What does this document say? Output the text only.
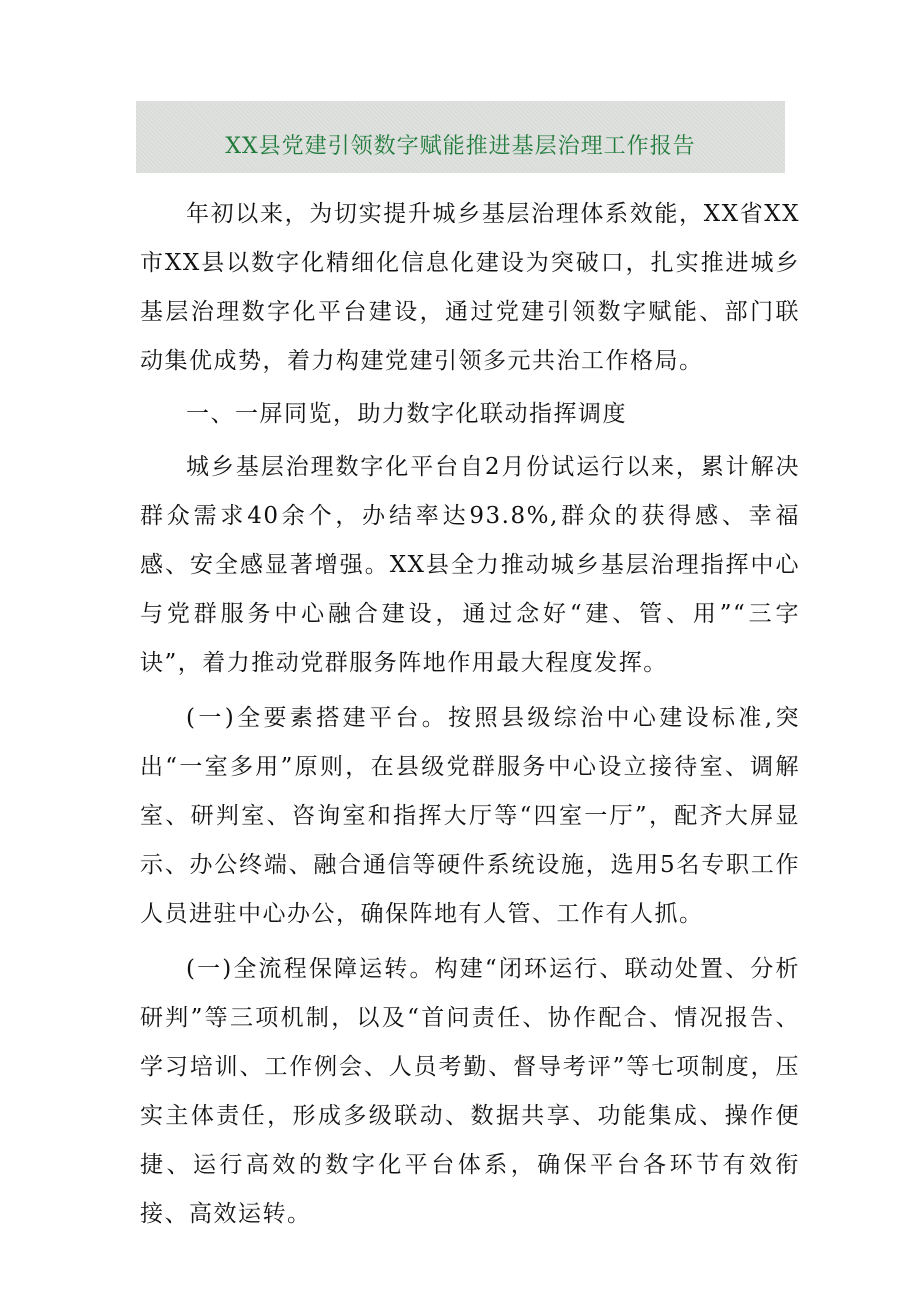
XX县党建引领数字赋能推进基层治理工作报告

年初以来，为切实提升城乡基层治理体系效能，XX省XX市XX县以数字化精细化信息化建设为突破口，扎实推进城乡基层治理数字化平台建设，通过党建引领数字赋能、部门联动集优成势，着力构建党建引领多元共治工作格局。

一、一屏同览，助力数字化联动指挥调度

城乡基层治理数字化平台自2月份试运行以来，累计解决群众需求40余个，办结率达93.8%,群众的获得感、幸福感、安全感显著增强。XX县全力推动城乡基层治理指挥中心与党群服务中心融合建设，通过念好“建、管、用”“三字诀”，着力推动党群服务阵地作用最大程度发挥。

(一)全要素搭建平台。按照县级综治中心建设标准,突出“一室多用”原则，在县级党群服务中心设立接待室、调解室、研判室、咨询室和指挥大厅等“四室一厅”，配齐大屏显示、办公终端、融合通信等硬件系统设施，选用5名专职工作人员进驻中心办公，确保阵地有人管、工作有人抓。

(一)全流程保障运转。构建“闭环运行、联动处置、分析研判”等三项机制，以及“首问责任、协作配合、情况报告、学习培训、工作例会、人员考勤、督导考评”等七项制度，压实主体责任，形成多级联动、数据共享、功能集成、操作便捷、运行高效的数字化平台体系，确保平台各环节有效衔接、高效运转。
